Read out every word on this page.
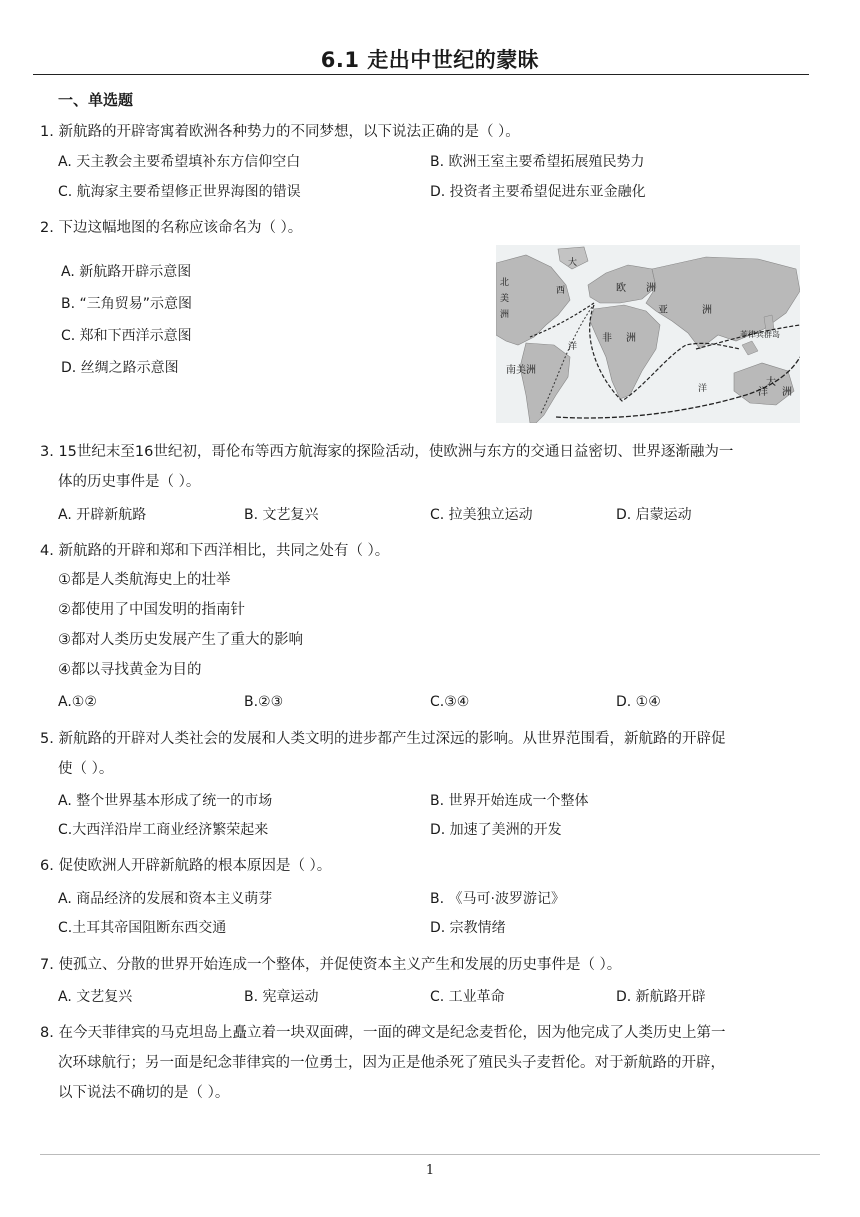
6.1 走出中世纪的蒙昧
一、单选题
1. 新航路的开辟寄寓着欧洲各种势力的不同梦想，以下说法正确的是（ ）。
A. 天主教会主要希望填补东方信仰空白	B. 欧洲王室主要希望拓展殖民势力
C. 航海家主要希望修正世界海图的错误	D. 投资者主要希望促进东亚金融化
2. 下边这幅地图的名称应该命名为（ ）。
A. 新航路开辟示意图
B. “三角贸易”示意图
C. 郑和下西洋示意图
D. 丝绸之路示意图
北
美
洲
大
西
洋
洋
欧 洲
亚	洲
非 洲
南美洲
大
洋 洲
菲律宾群岛
3. 15世纪末至16世纪初，哥伦布等西方航海家的探险活动，使欧洲与东方的交通日益密切、世界逐渐融为一
体的历史事件是（ ）。
A. 开辟新航路	B. 文艺复兴	C. 拉美独立运动	D. 启蒙运动
4. 新航路的开辟和郑和下西洋相比，共同之处有（ ）。
①都是人类航海史上的壮举
②都使用了中国发明的指南针
③都对人类历史发展产生了重大的影响
④都以寻找黄金为目的
A.①②	B.②③	C.③④	D. ①④
5. 新航路的开辟对人类社会的发展和人类文明的进步都产生过深远的影响。从世界范围看，新航路的开辟促
使（ ）。
A. 整个世界基本形成了统一的市场	B. 世界开始连成一个整体
C.大西洋沿岸工商业经济繁荣起来	D. 加速了美洲的开发
6. 促使欧洲人开辟新航路的根本原因是（ ）。
A. 商品经济的发展和资本主义萌芽	B. 《马可·波罗游记》
C.土耳其帝国阻断东西交通	D. 宗教情绪
7. 使孤立、分散的世界开始连成一个整体，并促使资本主义产生和发展的历史事件是（ ）。
A. 文艺复兴	B. 宪章运动	C. 工业革命	D. 新航路开辟
8. 在今天菲律宾的马克坦岛上矗立着一块双面碑，一面的碑文是纪念麦哲伦，因为他完成了人类历史上第一
次环球航行；另一面是纪念菲律宾的一位勇士，因为正是他杀死了殖民头子麦哲伦。对于新航路的开辟，
以下说法不确切的是（ ）。
1
